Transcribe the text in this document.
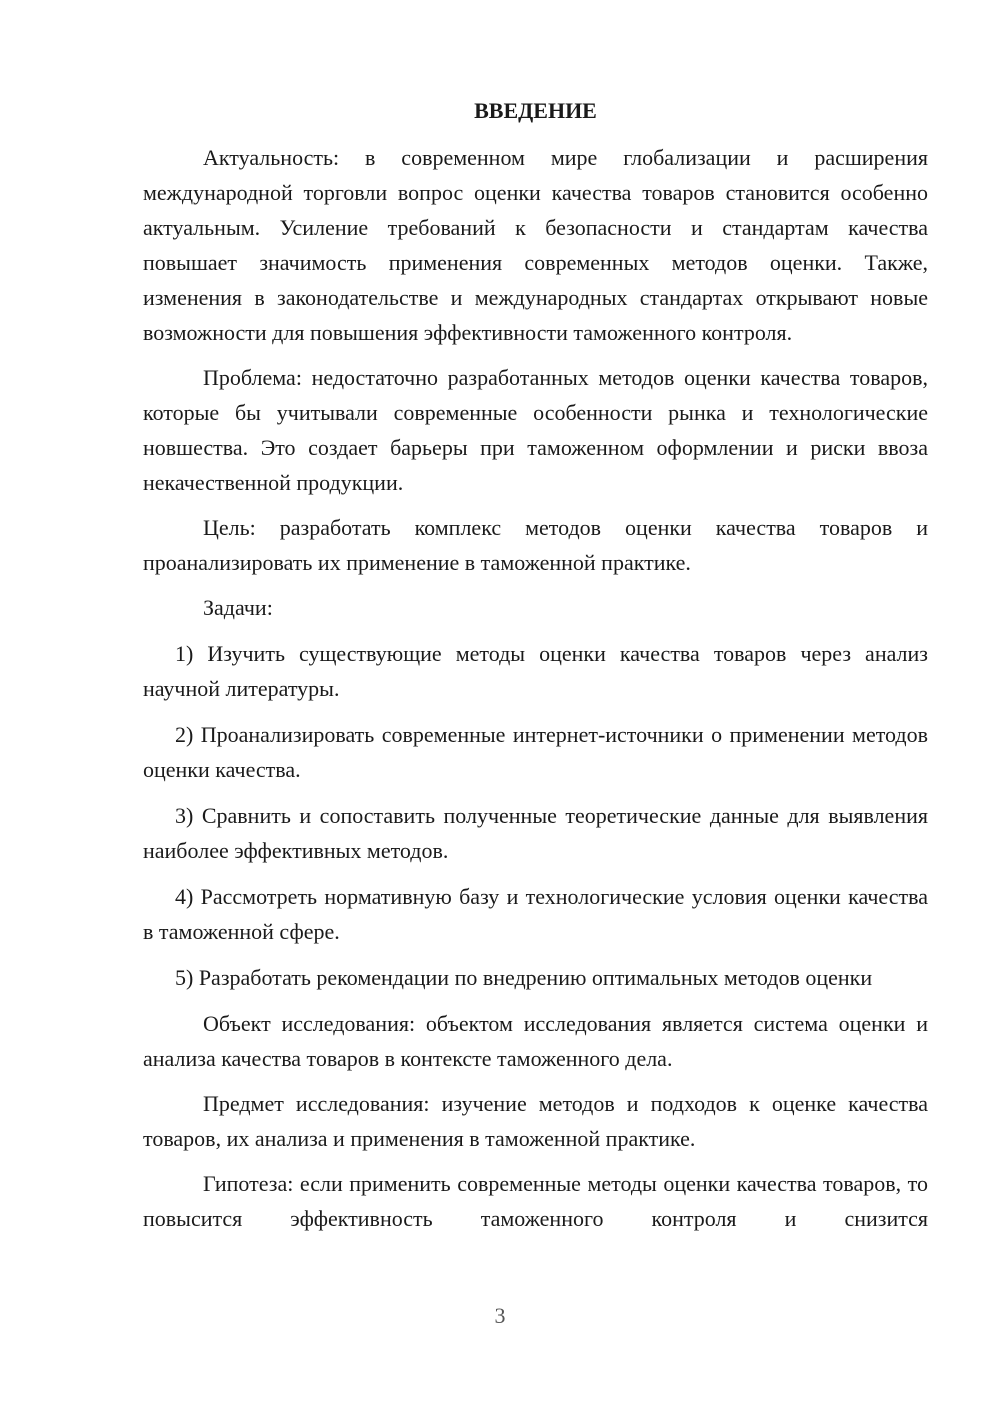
ВВЕДЕНИЕ

Актуальность: в современном мире глобализации и расширения международной торговли вопрос оценки качества товаров становится особенно актуальным. Усиление требований к безопасности и стандартам качества повышает значимость применения современных методов оценки. Также, изменения в законодательстве и международных стандартах открывают новые возможности для повышения эффективности таможенного контроля.

Проблема: недостаточно разработанных методов оценки качества товаров, которые бы учитывали современные особенности рынка и технологические новшества. Это создает барьеры при таможенном оформлении и риски ввоза некачественной продукции.

Цель: разработать комплекс методов оценки качества товаров и проанализировать их применение в таможенной практике.

Задачи:

1) Изучить существующие методы оценки качества товаров через анализ научной литературы.

2) Проанализировать современные интернет-источники о применении методов оценки качества.

3) Сравнить и сопоставить полученные теоретические данные для выявления наиболее эффективных методов.

4) Рассмотреть нормативную базу и технологические условия оценки качества в таможенной сфере.

5) Разработать рекомендации по внедрению оптимальных методов оценки

Объект исследования: объектом исследования является система оценки и анализа качества товаров в контексте таможенного дела.

Предмет исследования: изучение методов и подходов к оценке качества товаров, их анализа и применения в таможенной практике.

Гипотеза: если применить современные методы оценки качества товаров, то повысится эффективность таможенного контроля и снизится

3
